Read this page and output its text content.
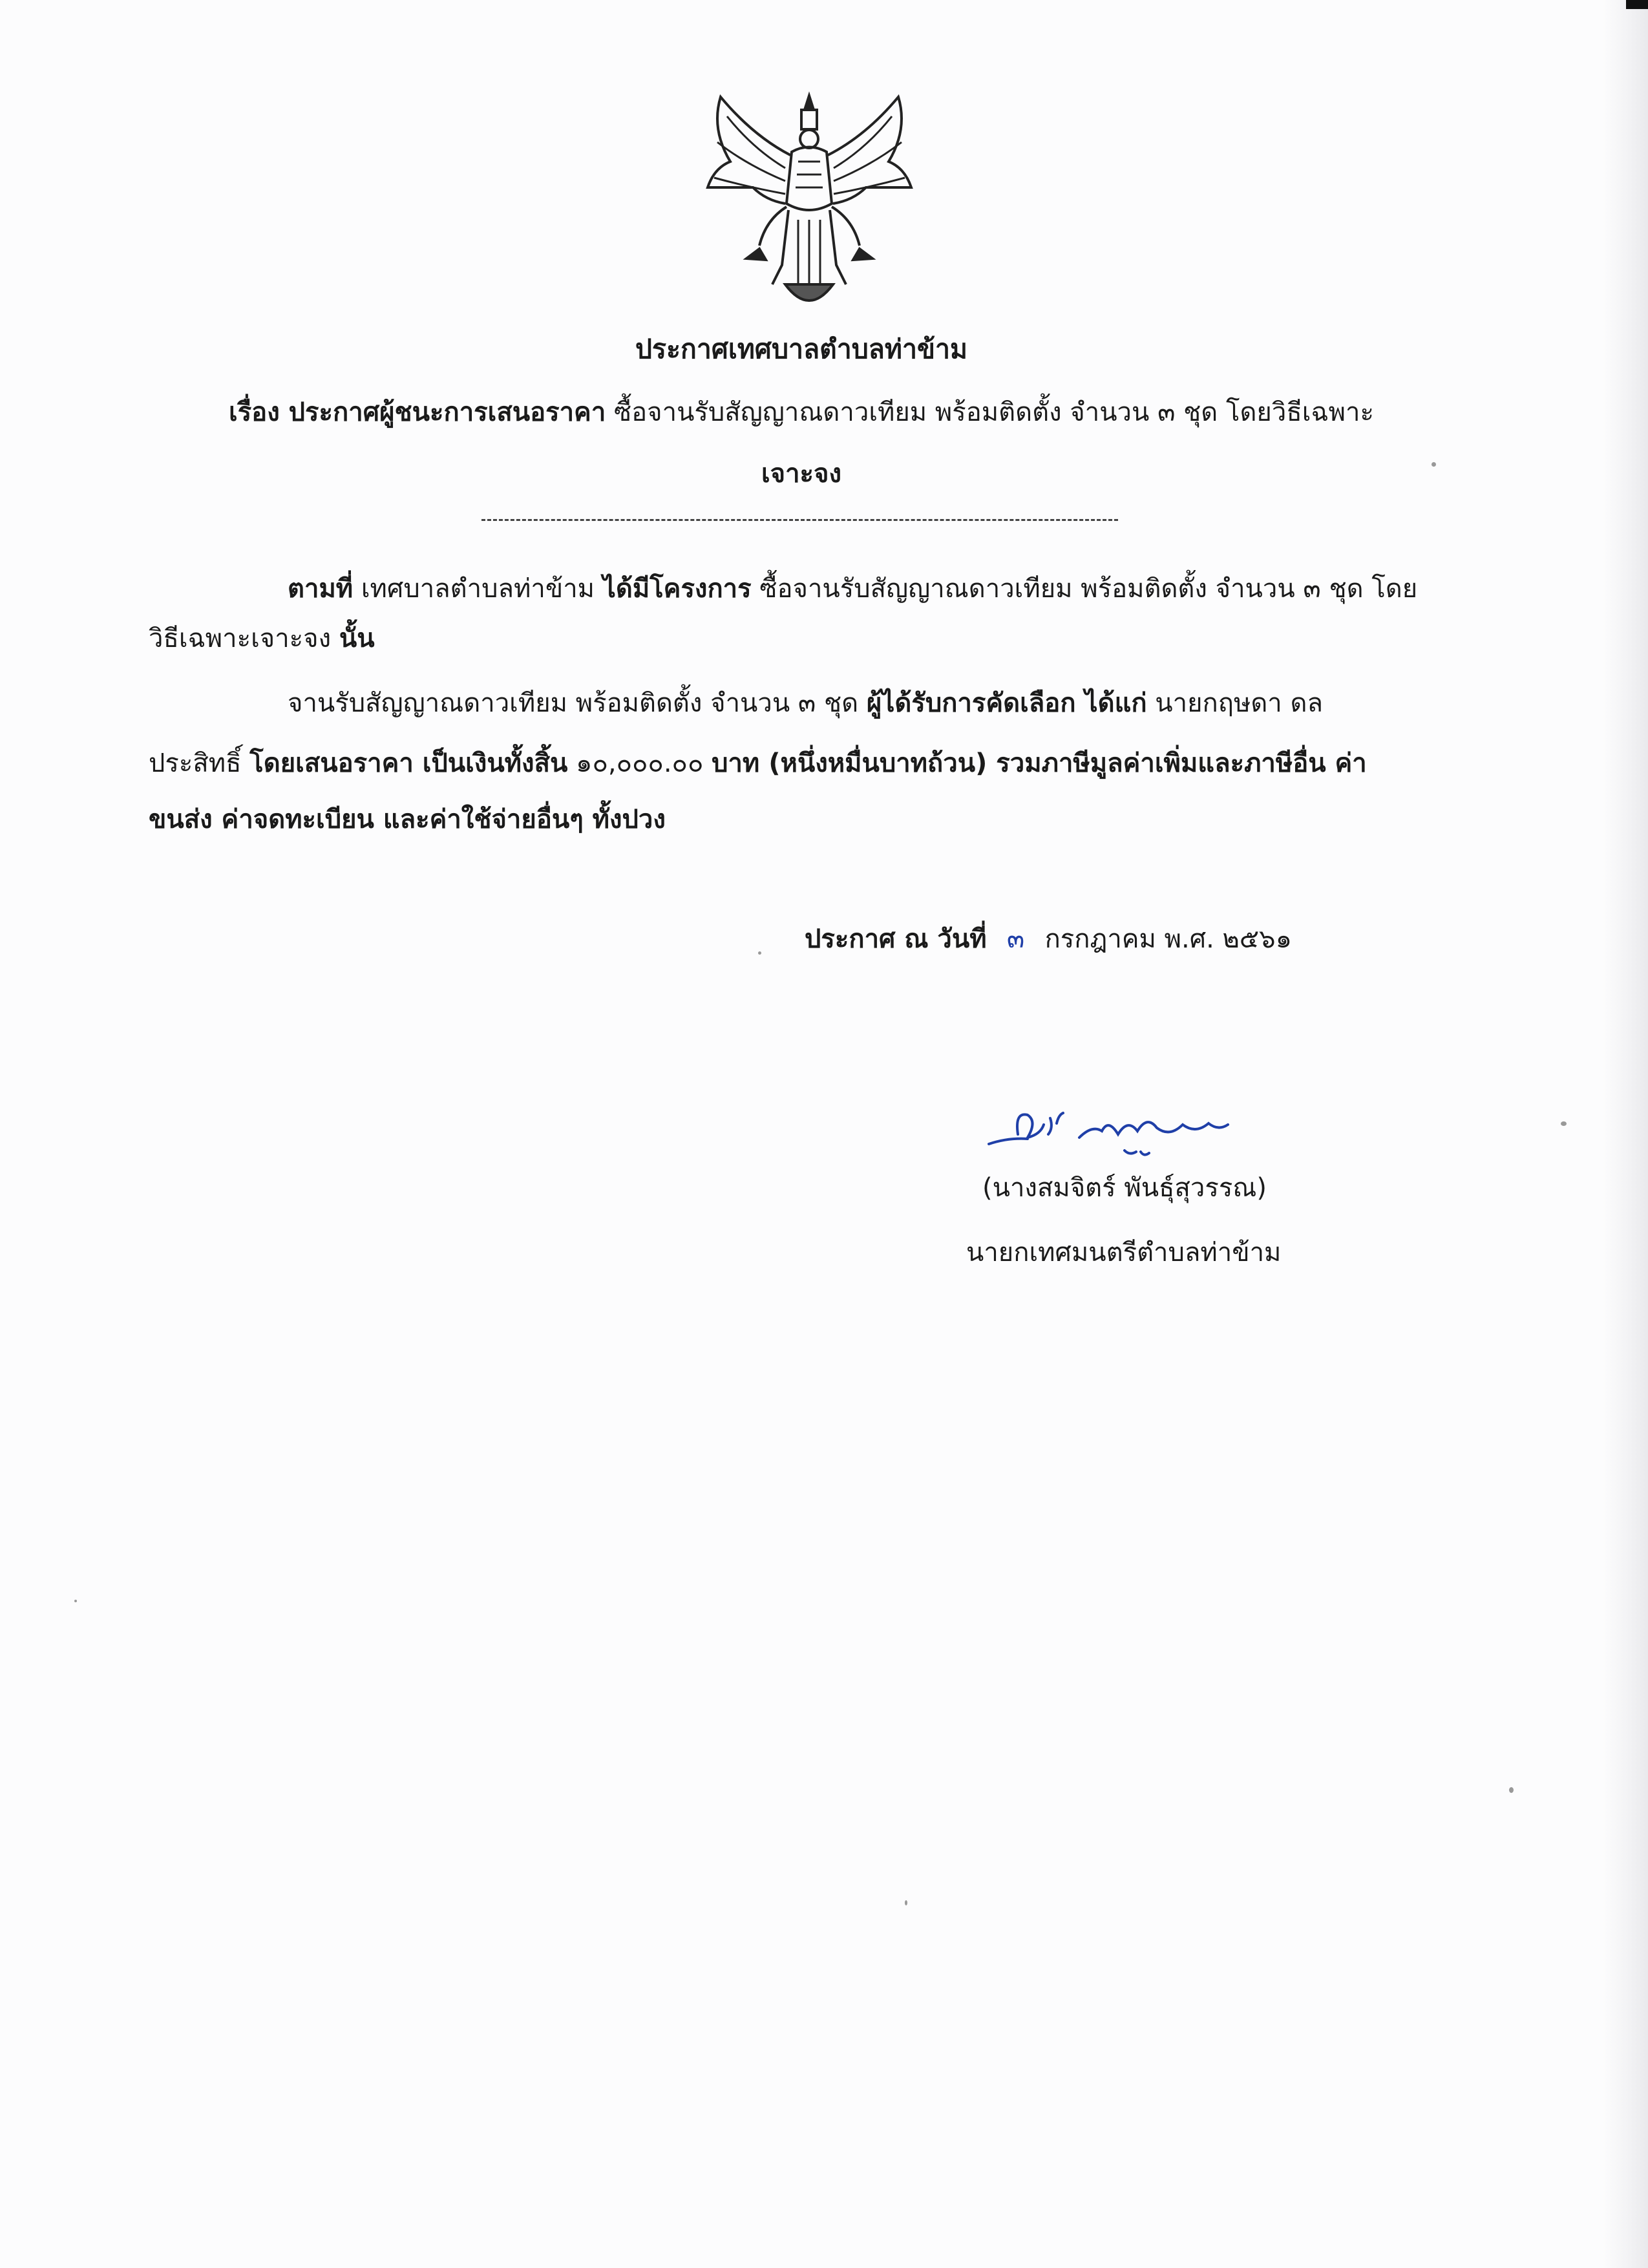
ประกาศเทศบาลตำบลท่าข้าม
เรื่อง ประกาศผู้ชนะการเสนอราคา ซื้อจานรับสัญญาณดาวเทียม พร้อมติดตั้ง จำนวน ๓ ชุด โดยวิธีเฉพาะ
เจาะจง
ตามที่ เทศบาลตำบลท่าข้าม ได้มีโครงการ ซื้อจานรับสัญญาณดาวเทียม พร้อมติดตั้ง จำนวน ๓ ชุด โดย
วิธีเฉพาะเจาะจง นั้น
จานรับสัญญาณดาวเทียม พร้อมติดตั้ง จำนวน ๓ ชุด ผู้ได้รับการคัดเลือก ได้แก่ นายกฤษดา ดล
ประสิทธิ์ โดยเสนอราคา เป็นเงินทั้งสิ้น ๑๐,๐๐๐.๐๐ บาท (หนึ่งหมื่นบาทถ้วน) รวมภาษีมูลค่าเพิ่มและภาษีอื่น ค่า
ขนส่ง ค่าจดทะเบียน และค่าใช้จ่ายอื่นๆ ทั้งปวง
ประกาศ ณ วันที่ ๓ กรกฎาคม พ.ศ. ๒๕๖๑
(นางสมจิตร์ พันธุ์สุวรรณ)
นายกเทศมนตรีตำบลท่าข้าม
